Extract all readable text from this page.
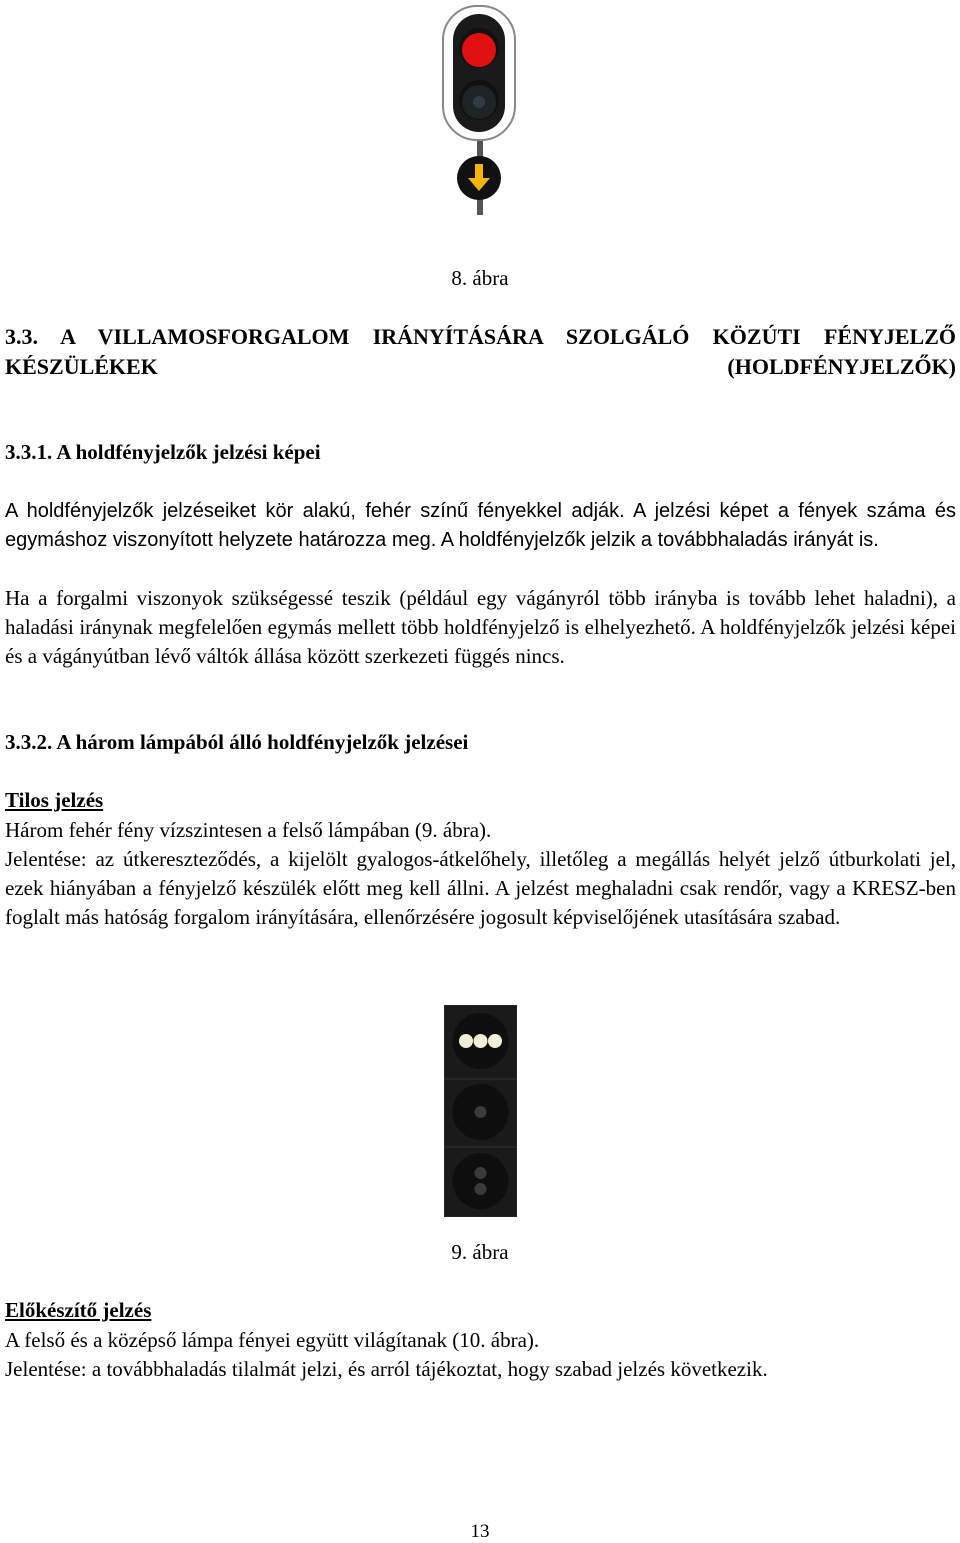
8. ábra
3.3. A VILLAMOSFORGALOM IRÁNYÍTÁSÁRA SZOLGÁLÓ KÖZÚTI FÉNYJELZŐ KÉSZÜLÉKEK (HOLDFÉNYJELZŐK)
3.3.1. A holdfényjelzők jelzési képei

A holdfényjelzők jelzéseiket kör alakú, fehér színű fényekkel adják. A jelzési képet a fények száma és egymáshoz viszonyított helyzete határozza meg. A holdfényjelzők jelzik a továbbhaladás irányát is.

Ha a forgalmi viszonyok szükségessé teszik (például egy vágányról több irányba is tovább lehet haladni), a haladási iránynak megfelelően egymás mellett több holdfényjelző is elhelyezhető. A holdfényjelzők jelzési képei és a vágányútban lévő váltók állása között szerkezeti függés nincs.

3.3.2. A három lámpából álló holdfényjelzők jelzései
Tilos jelzés

Három fehér fény vízszintesen a felső lámpában (9. ábra).

Jelentése: az útkereszteződés, a kijelölt gyalogos-átkelőhely, illetőleg a megállás helyét jelző útburkolati jel, ezek hiányában a fényjelző készülék előtt meg kell állni. A jelzést meghaladni csak rendőr, vagy a KRESZ-ben foglalt más hatóság forgalom irányítására, ellenőrzésére jogosult képviselőjének utasítására szabad.

9. ábra
Előkészítő jelzés

A felső és a középső lámpa fényei együtt világítanak (10. ábra).

Jelentése: a továbbhaladás tilalmát jelzi, és arról tájékoztat, hogy szabad jelzés következik.

13
